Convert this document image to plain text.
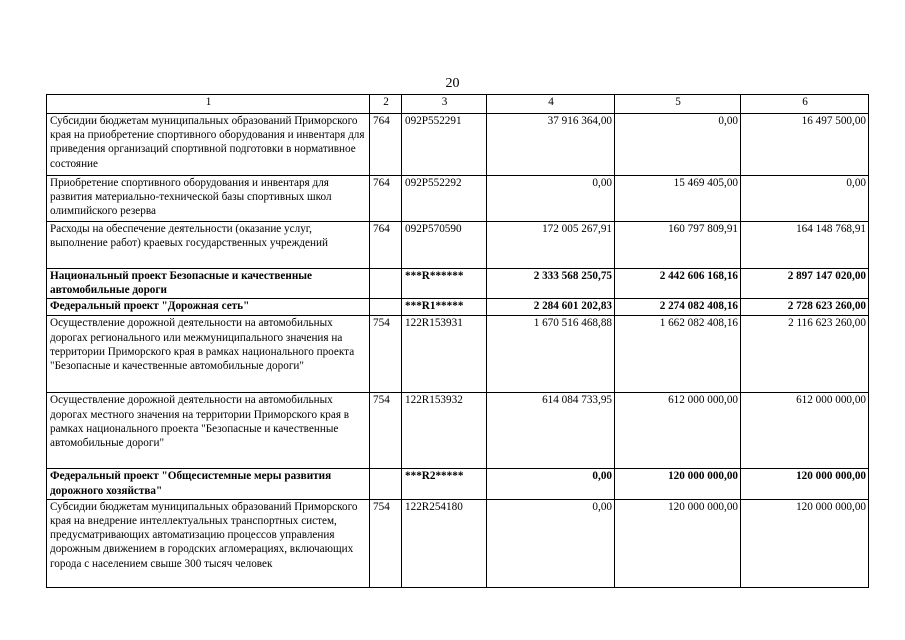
20
1	2	3	4	5	6
Субсидии бюджетам муниципальных образований Приморского края на приобретение спортивного оборудования и инвентаря для приведения организаций спортивной подготовки в нормативное состояние	764	092P552291	37 916 364,00	0,00	16 497 500,00
Приобретение спортивного оборудования и инвентаря для развития материально-технической базы спортивных школ олимпийского резерва	764	092P552292	0,00	15 469 405,00	0,00
Расходы на обеспечение деятельности (оказание услуг, выполнение работ) краевых государственных учреждений	764	092P570590	172 005 267,91	160 797 809,91	164 148 768,91
Национальный проект Безопасные и качественные автомобильные дороги		***R******	2 333 568 250,75	2 442 606 168,16	2 897 147 020,00
Федеральный проект "Дорожная сеть"		***R1*****	2 284 601 202,83	2 274 082 408,16	2 728 623 260,00
Осуществление дорожной деятельности на автомобильных дорогах регионального или межмуниципального значения на территории Приморского края в рамках национального проекта "Безопасные и качественные автомобильные дороги"	754	122R153931	1 670 516 468,88	1 662 082 408,16	2 116 623 260,00
Осуществление дорожной деятельности на автомобильных дорогах местного значения на территории Приморского края в рамках национального проекта "Безопасные и качественные автомобильные дороги"	754	122R153932	614 084 733,95	612 000 000,00	612 000 000,00
Федеральный проект "Общесистемные меры развития дорожного хозяйства"		***R2*****	0,00	120 000 000,00	120 000 000,00
Субсидии бюджетам муниципальных образований Приморского края на внедрение интеллектуальных транспортных систем, предусматривающих автоматизацию процессов управления дорожным движением в городских агломерациях, включающих города с населением свыше 300 тысяч человек	754	122R254180	0,00	120 000 000,00	120 000 000,00
